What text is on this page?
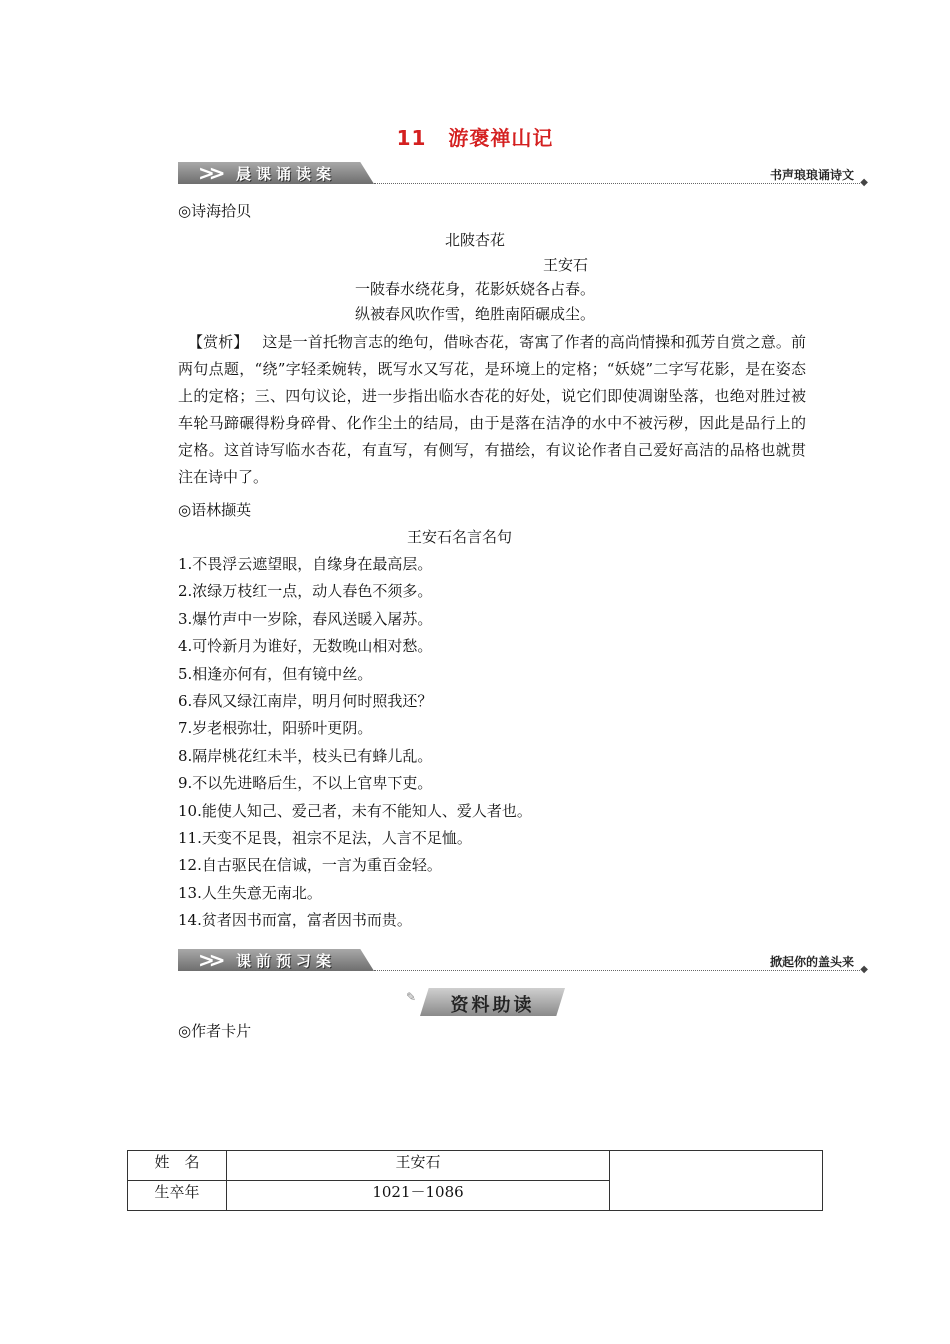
11 游褒禅山记
>> 晨课诵读案	书声琅琅诵诗文
◆
◎诗海拾贝
北陂杏花
王安石
一陂春水绕花身，花影妖娆各占春。
纵被春风吹作雪，绝胜南陌碾成尘。
【赏析】 这是一首托物言志的绝句，借咏杏花，寄寓了作者的高尚情操和孤芳自赏之意。前两句点题，“绕”字轻柔婉转，既写水又写花，是环境上的定格；“妖娆”二字写花影，是在姿态上的定格；三、四句议论，进一步指出临水杏花的好处，说它们即使凋谢坠落，也绝对胜过被车轮马蹄碾得粉身碎骨、化作尘土的结局，由于是落在洁净的水中不被污秽，因此是品行上的定格。这首诗写临水杏花，有直写，有侧写，有描绘，有议论作者自己爱好高洁的品格也就贯注在诗中了。
◎语林撷英
王安石名言名句
1.不畏浮云遮望眼，自缘身在最高层。
2.浓绿万枝红一点，动人春色不须多。
3.爆竹声中一岁除，春风送暖入屠苏。
4.可怜新月为谁好，无数晚山相对愁。
5.相逢亦何有，但有镜中丝。
6.春风又绿江南岸，明月何时照我还？
7.岁老根弥壮，阳骄叶更阴。
8.隔岸桃花红未半，枝头已有蜂儿乱。
9.不以先进略后生，不以上官卑下吏。
10.能使人知己、爱己者，未有不能知人、爱人者也。
11.天变不足畏，祖宗不足法，人言不足恤。
12.自古驱民在信诚，一言为重百金轻。
13.人生失意无南北。
14.贫者因书而富，富者因书而贵。
>> 课前预习案	掀起你的盖头来
◆
✎	资料助读
◎作者卡片
姓　名	王安石	
生卒年	1021－1086	
